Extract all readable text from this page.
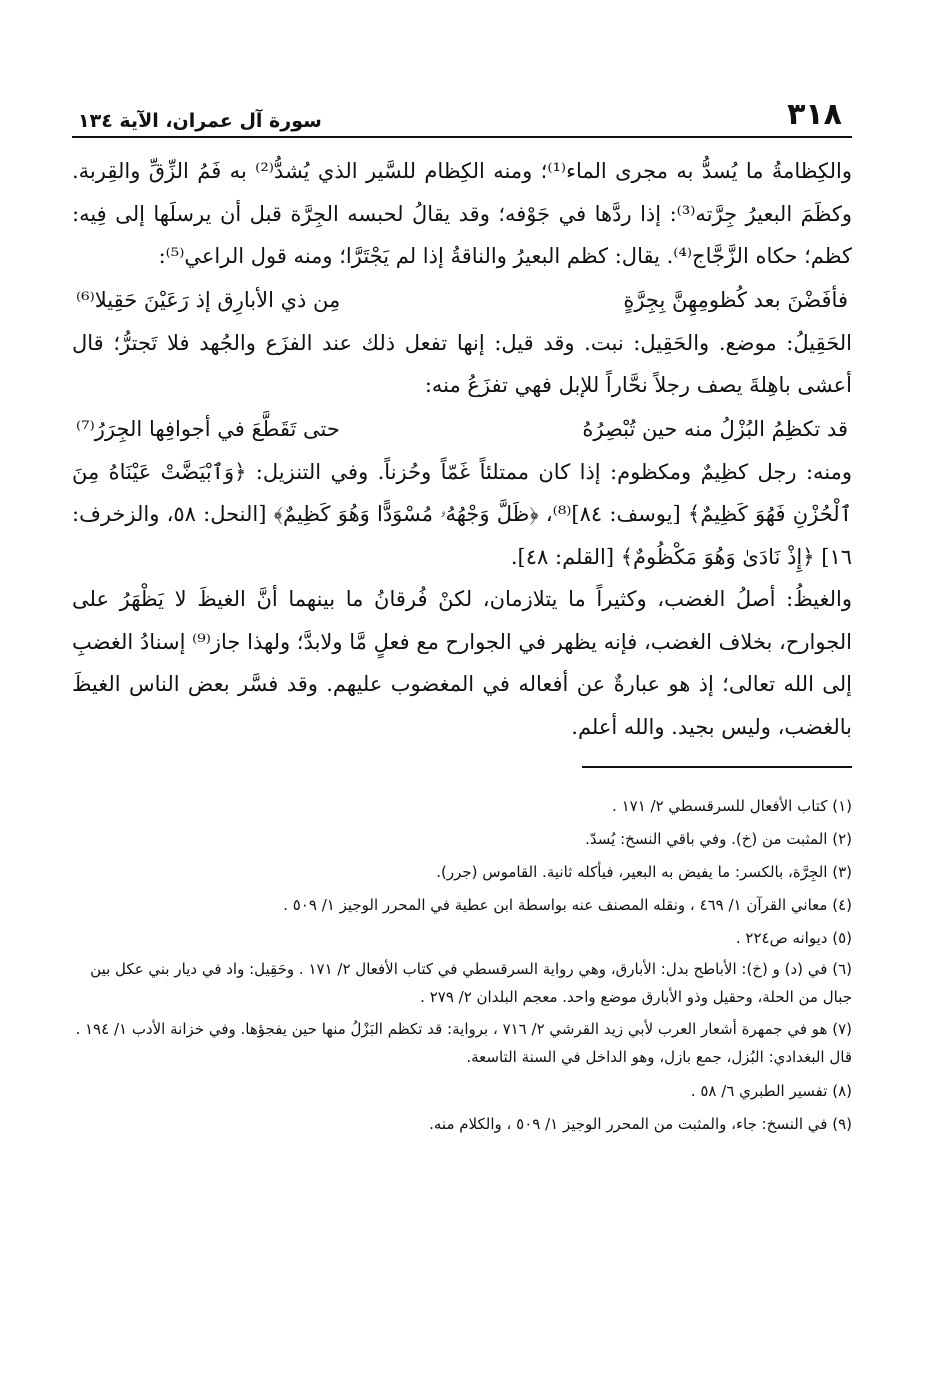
٣١٨
سورة آل عمران، الآية ١٣٤

والكِظامةُ ما يُسدُّ به مجرى الماء⁽¹⁾؛ ومنه الكِظام للسَّير الذي يُشدُّ⁽²⁾ به فَمُ الزِّقِّ والقِربة. وكظَمَ البعيرُ جِرَّته⁽³⁾: إذا ردَّها في جَوْفه؛ وقد يقالُ لحبسه الجِرَّة قبل أن يرسلَها إلى فِيه: كظم؛ حكاه الزَّجَّاج⁽⁴⁾. يقال: كظم البعيرُ والناقةُ إذا لم يَجْتَرَّا؛ ومنه قول الراعي⁽⁵⁾:

فأفَضْنَ بعد كُظومِهِنَّ بِجِرَّةٍ
مِن ذي الأبارِق إذ رَعَيْنَ حَقِيلا⁽⁶⁾

الحَقِيلُ: موضع. والحَقِيل: نبت. وقد قيل: إنها تفعل ذلك عند الفزَع والجُهد فلا تَجترُّ؛ قال أعشى باهِلةَ يصف رجلاً نحَّاراً للإبل فهي تفزَعُ منه:

قد تكظِمُ البُزْلُ منه حين تُبْصِرُهُ
حتى تَقَطَّعَ في أجوافِها الجِرَرُ⁽⁷⁾

ومنه: رجل كظِيمٌ ومكظوم: إذا كان ممتلئاً غَمّاً وحُزناً. وفي التنزيل: ﴿وَٱبْيَضَّتْ عَيْنَاهُ مِنَ ٱلْحُزْنِ فَهُوَ كَظِيمٌ﴾ [يوسف: ٨٤]⁽⁸⁾، ﴿ظَلَّ وَجْهُهُۥ مُسْوَدًّا وَهُوَ كَظِيمٌ﴾ [النحل: ٥٨، والزخرف: ١٦] ﴿إِذْ نَادَىٰ وَهُوَ مَكْظُومٌ﴾ [القلم: ٤٨].

والغيظُ: أصلُ الغضب، وكثيراً ما يتلازمان، لكنْ فُرقانُ ما بينهما أنَّ الغيظَ لا يَظْهَرُ على الجوارح، بخلاف الغضب، فإنه يظهر في الجوارح مع فعلٍ مَّا ولابدَّ؛ ولهذا جاز⁽⁹⁾ إسنادُ الغضبِ إلى الله تعالى؛ إذ هو عبارةٌ عن أفعاله في المغضوب عليهم. وقد فسَّر بعض الناس الغيظَ بالغضب، وليس بجيد. والله أعلم.

(١) كتاب الأفعال للسرقسطي ٢/ ١٧١ .

(٢) المثبت من (خ). وفي باقي النسخ: يُسدّ.

(٣) الجِرَّة، بالكسر: ما يفيض به البعير، فيأكله ثانية. القاموس (جرر).

(٤) معاني القرآن ١/ ٤٦٩ ، ونقله المصنف عنه بواسطة ابن عطية في المحرر الوجيز ١/ ٥٠٩ .

(٥) ديوانه ص٢٢٤ .

(٦) في (د) و (خ): الأباطح بدل: الأبارق، وهي رواية السرقسطي في كتاب الأفعال ٢/ ١٧١ . وحَقِيل: واد في ديار بني عكل بين جبال من الحلة، وحقيل وذو الأبارق موضع واحد. معجم البلدان ٢/ ٢٧٩ .

(٧) هو في جمهرة أشعار العرب لأبي زيد القرشي ٢/ ٧١٦ ، برواية: قد تكظم البَزْلُ منها حين يفجؤها. وفي خزانة الأدب ١/ ١٩٤ . قال البغدادي: البُزل، جمع بازل، وهو الداخل في السنة التاسعة.

(٨) تفسير الطبري ٦/ ٥٨ .

(٩) في النسخ: جاء، والمثبت من المحرر الوجيز ١/ ٥٠٩ ، والكلام منه.
